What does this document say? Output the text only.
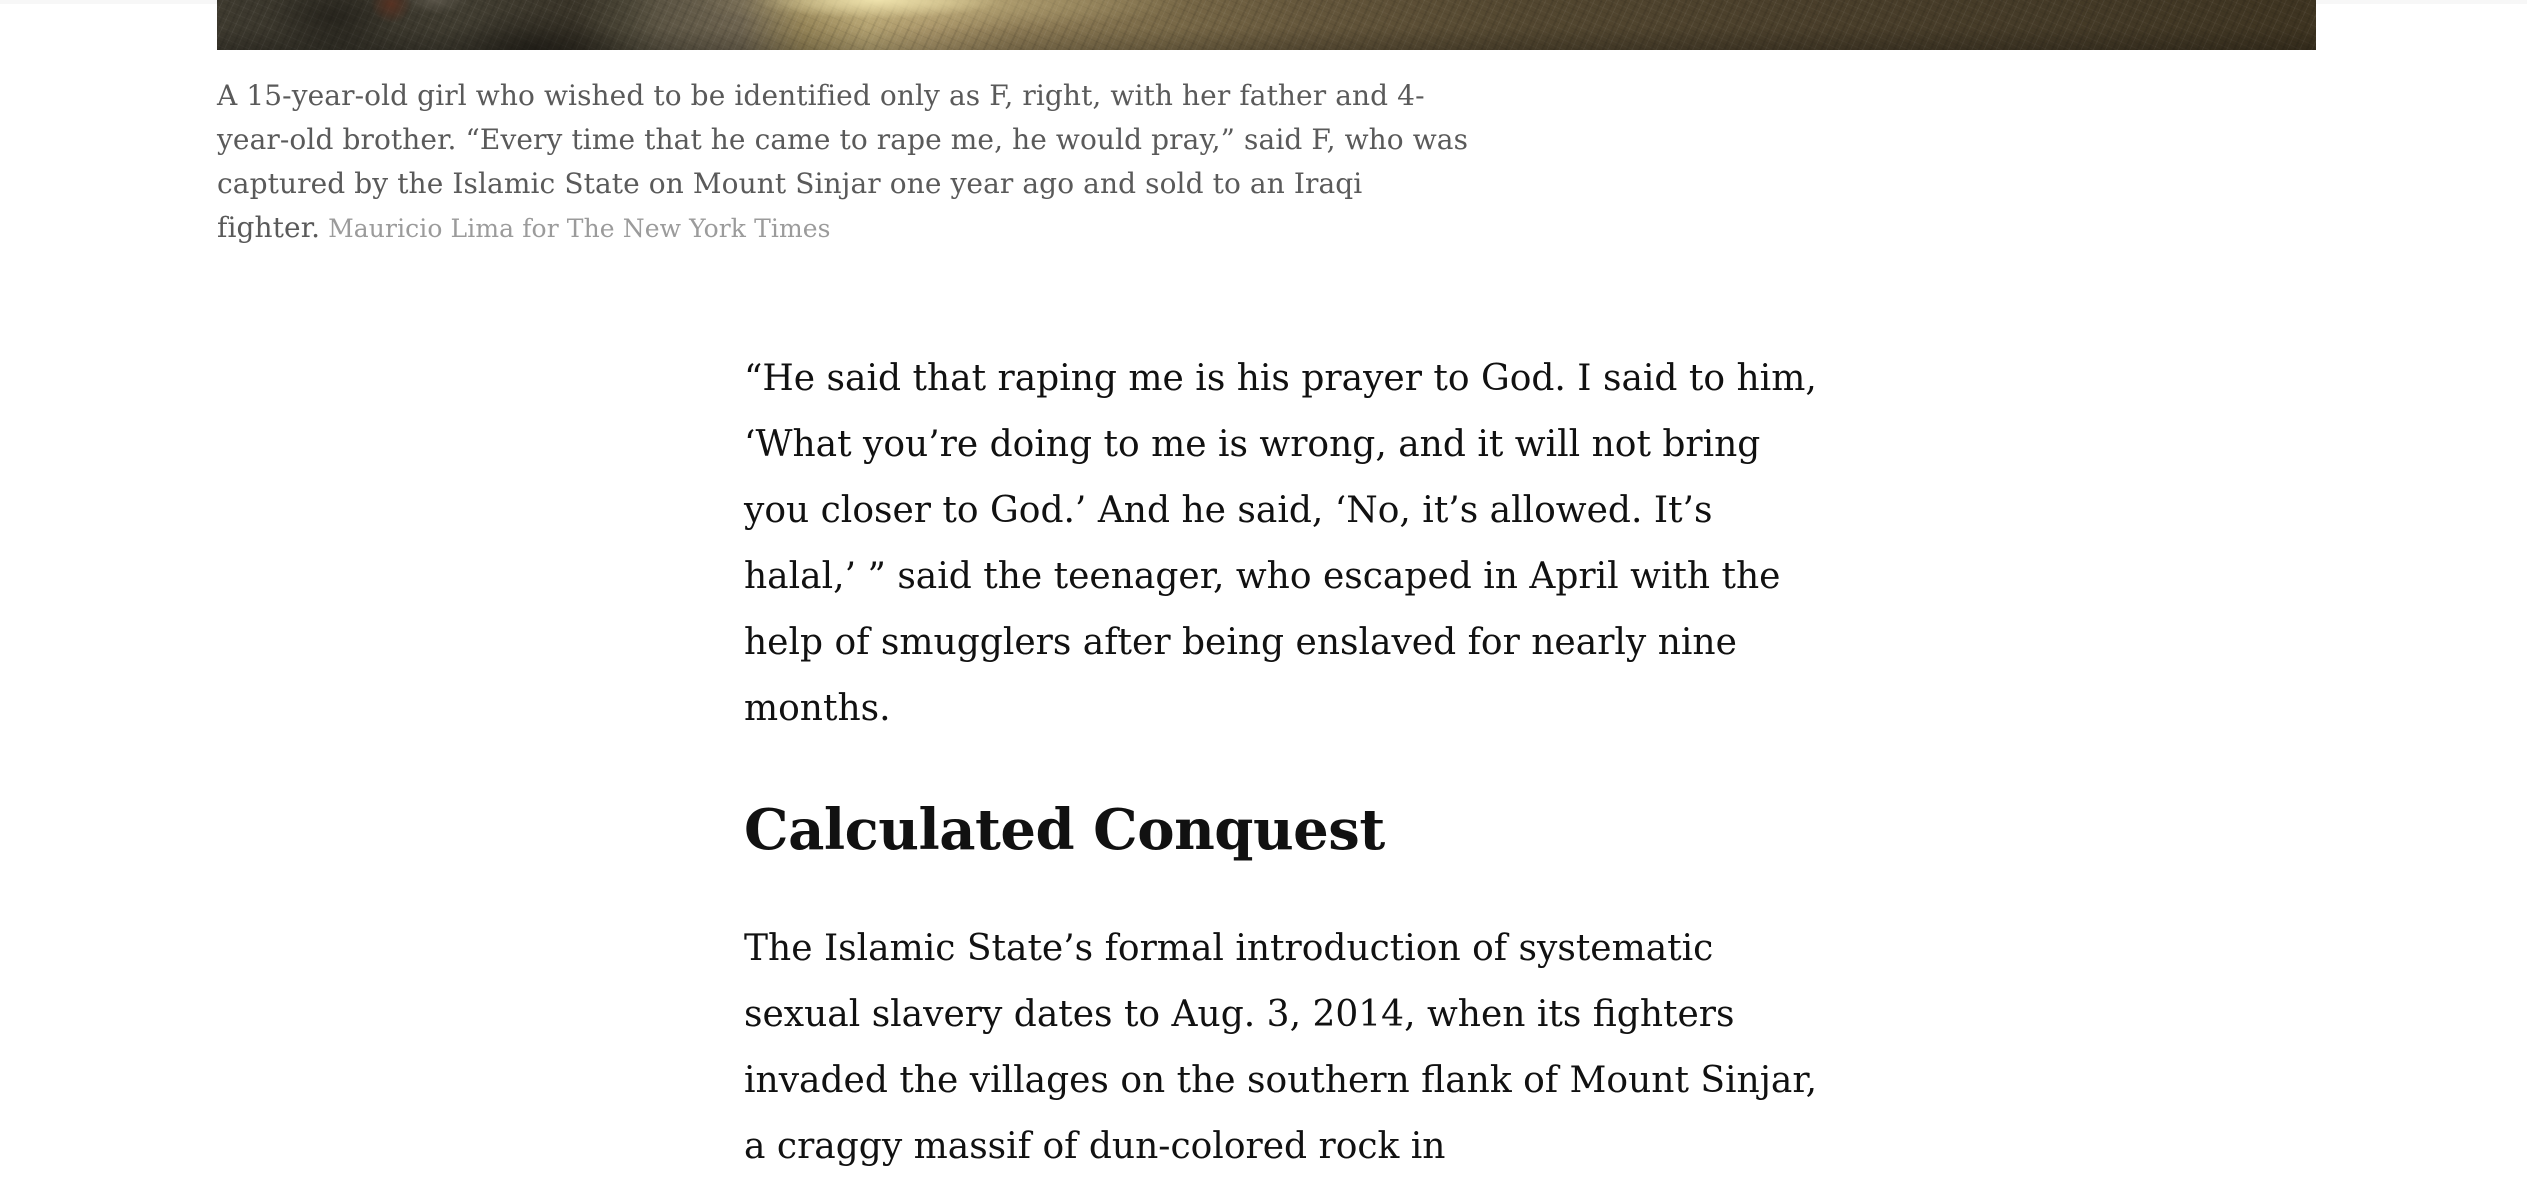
A 15-year-old girl who wished to be identified only as F, right, with her father and 4-year-old brother. “Every time that he came to rape me, he would pray,” said F, who was captured by the Islamic State on Mount Sinjar one year ago and sold to an Iraqi fighter. Mauricio Lima for The New York Times

“He said that raping me is his prayer to God. I said to him, ‘What you’re doing to me is wrong, and it will not bring you closer to God.’ And he said, ‘No, it’s allowed. It’s halal,’ ” said the teenager, who escaped in April with the help of smugglers after being enslaved for nearly nine months.

Calculated Conquest

The Islamic State’s formal introduction of systematic sexual slavery dates to Aug. 3, 2014, when its fighters invaded the villages on the southern flank of Mount Sinjar, a craggy massif of dun-colored rock in
